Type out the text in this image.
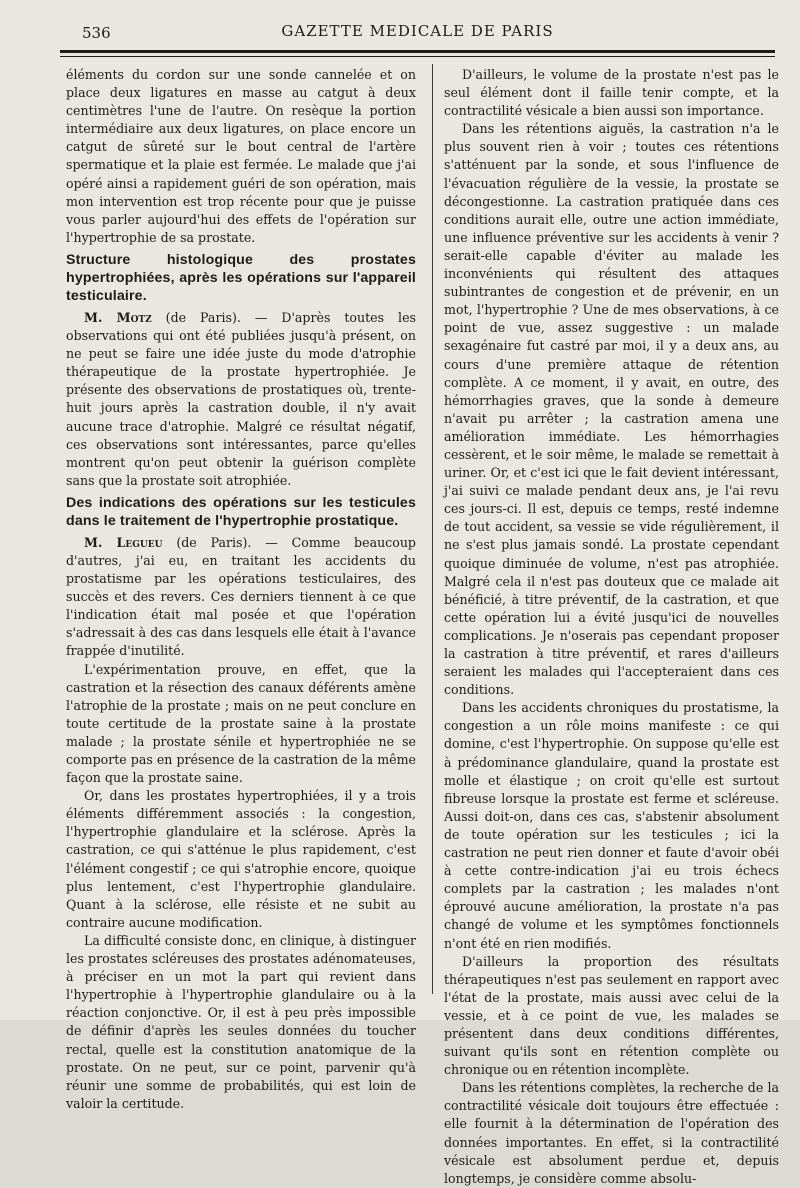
536	GAZETTE MEDICALE DE PARIS

éléments du cordon sur une sonde cannelée et on place deux ligatures en masse au catgut à deux centimètres l'une de l'autre. On resèque la portion intermédiaire aux deux ligatures, on place encore un catgut de sûreté sur le bout central de l'artère spermatique et la plaie est fermée. Le malade que j'ai opéré ainsi a rapidement guéri de son opération, mais mon intervention est trop récente pour que je puisse vous parler aujourd'hui des effets de l'opération sur l'hypertrophie de sa prostate.

Structure histologique des prostates hypertrophiées, après les opérations sur l'appareil testiculaire.

M. Motz (de Paris). — D'après toutes les observations qui ont été publiées jusqu'à présent, on ne peut se faire une idée juste du mode d'atrophie thérapeutique de la prostate hypertrophiée. Je présente des observations de prostatiques où, trente-huit jours après la castration double, il n'y avait aucune trace d'atrophie. Malgré ce résultat négatif, ces observations sont intéressantes, parce qu'elles montrent qu'on peut obtenir la guérison complète sans que la prostate soit atrophiée.

Des indications des opérations sur les testicules dans le traitement de l'hypertrophie prostatique.

M. Legueu (de Paris). — Comme beaucoup d'autres, j'ai eu, en traitant les accidents du prostatisme par les opérations testiculaires, des succès et des revers. Ces derniers tiennent à ce que l'indication était mal posée et que l'opération s'adressait à des cas dans lesquels elle était à l'avance frappée d'inutilité.

L'expérimentation prouve, en effet, que la castration et la résection des canaux déférents amène l'atrophie de la prostate ; mais on ne peut conclure en toute certitude de la prostate saine à la prostate malade ; la prostate sénile et hypertrophiée ne se comporte pas en présence de la castration de la même façon que la prostate saine.

Or, dans les prostates hypertrophiées, il y a trois éléments différemment associés : la congestion, l'hypertrophie glandulaire et la sclérose. Après la castration, ce qui s'atténue le plus rapidement, c'est l'élément congestif ; ce qui s'atrophie encore, quoique plus lentement, c'est l'hypertrophie glandulaire. Quant à la sclérose, elle résiste et ne subit au contraire aucune modification.

La difficulté consiste donc, en clinique, à distinguer les prostates scléreuses des prostates adénomateuses, à préciser en un mot la part qui revient dans l'hypertrophie à l'hypertrophie glandulaire ou à la réaction conjonctive. Or, il est à peu près impossible de définir d'après les seules données du toucher rectal, quelle est la constitution anatomique de la prostate. On ne peut, sur ce point, parvenir qu'à réunir une somme de probabilités, qui est loin de valoir la certitude.

D'ailleurs, le volume de la prostate n'est pas le seul élément dont il faille tenir compte, et la contractilité vésicale a bien aussi son importance.

Dans les rétentions aiguës, la castration n'a le plus souvent rien à voir ; toutes ces rétentions s'atténuent par la sonde, et sous l'influence de l'évacuation régulière de la vessie, la prostate se décongestionne. La castration pratiquée dans ces conditions aurait elle, outre une action immédiate, une influence préventive sur les accidents à venir ? serait-elle capable d'éviter au malade les inconvénients qui résultent des attaques subintrantes de congestion et de prévenir, en un mot, l'hypertrophie ? Une de mes observations, à ce point de vue, assez suggestive : un malade sexagénaire fut castré par moi, il y a deux ans, au cours d'une première attaque de rétention complète. A ce moment, il y avait, en outre, des hémorrhagies graves, que la sonde à demeure n'avait pu arrêter ; la castration amena une amélioration immédiate. Les hémorrhagies cessèrent, et le soir même, le malade se remettait à uriner. Or, et c'est ici que le fait devient intéressant, j'ai suivi ce malade pendant deux ans, je l'ai revu ces jours-ci. Il est, depuis ce temps, resté indemne de tout accident, sa vessie se vide régulièrement, il ne s'est plus jamais sondé. La prostate cependant quoique diminuée de volume, n'est pas atrophiée. Malgré cela il n'est pas douteux que ce malade ait bénéficié, à titre préventif, de la castration, et que cette opération lui a évité jusqu'ici de nouvelles complications. Je n'oserais pas cependant proposer la castration à titre préventif, et rares d'ailleurs seraient les malades qui l'accepteraient dans ces conditions.

Dans les accidents chroniques du prostatisme, la congestion a un rôle moins manifeste : ce qui domine, c'est l'hypertrophie. On suppose qu'elle est à prédominance glandulaire, quand la prostate est molle et élastique ; on croit qu'elle est surtout fibreuse lorsque la prostate est ferme et scléreuse. Aussi doit-on, dans ces cas, s'abstenir absolument de toute opération sur les testicules ; ici la castration ne peut rien donner et faute d'avoir obéi à cette contre-indication j'ai eu trois échecs complets par la castration ; les malades n'ont éprouvé aucune amélioration, la prostate n'a pas changé de volume et les symptômes fonctionnels n'ont été en rien modifiés.

D'ailleurs la proportion des résultats thérapeutiques n'est pas seulement en rapport avec l'état de la prostate, mais aussi avec celui de la vessie, et à ce point de vue, les malades se présentent dans deux conditions différentes, suivant qu'ils sont en rétention complète ou chronique ou en rétention incomplète.

Dans les rétentions complètes, la recherche de la contractilité vésicale doit toujours être effectuée : elle fournit à la détermination de l'opération des données importantes. En effet, si la contractilité vésicale est absolument perdue et, depuis longtemps, je considère comme absolu-
